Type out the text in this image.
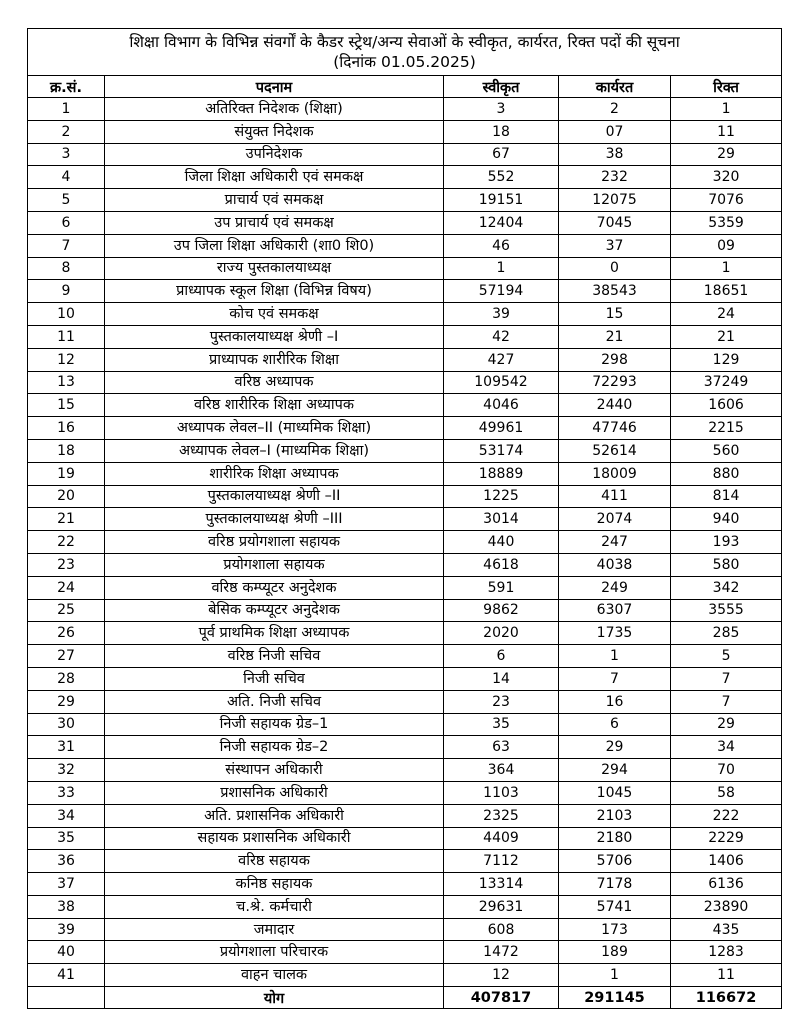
शिक्षा विभाग के विभिन्न संवर्गों के कैडर स्ट्रेथ/अन्य सेवाओं के स्वीकृत, कार्यरत, रिक्त पदों की सूचना
(दिनांक 01.05.2025)				

क्र.सं.	पदनाम	स्वीकृत	कार्यरत	रिक्त
1	अतिरिक्त निदेशक (शिक्षा)	3	2	1
2	संयुक्त निदेशक	18	07	11
3	उपनिदेशक	67	38	29
4	जिला शिक्षा अधिकारी एवं समकक्ष	552	232	320
5	प्राचार्य एवं समकक्ष	19151	12075	7076
6	उप प्राचार्य एवं समकक्ष	12404	7045	5359
7	उप जिला शिक्षा अधिकारी (शा0 शि0)	46	37	09
8	राज्य पुस्तकालयाध्यक्ष	1	0	1
9	प्राध्यापक स्कूल शिक्षा (विभिन्न विषय)	57194	38543	18651
10	कोच एवं समकक्ष	39	15	24
11	पुस्तकालयाध्यक्ष श्रेणी –I	42	21	21
12	प्राध्यापक शारीरिक शिक्षा	427	298	129
13	वरिष्ठ अध्यापक	109542	72293	37249
15	वरिष्ठ शारीरिक शिक्षा अध्यापक	4046	2440	1606
16	अध्यापक लेवल–II (माध्यमिक शिक्षा)	49961	47746	2215
18	अध्यापक लेवल–I (माध्यमिक शिक्षा)	53174	52614	560
19	शारीरिक शिक्षा अध्यापक	18889	18009	880
20	पुस्तकालयाध्यक्ष श्रेणी –II	1225	411	814
21	पुस्तकालयाध्यक्ष श्रेणी –III	3014	2074	940
22	वरिष्ठ प्रयोगशाला सहायक	440	247	193
23	प्रयोगशाला सहायक	4618	4038	580
24	वरिष्ठ कम्प्यूटर अनुदेशक	591	249	342
25	बेसिक कम्प्यूटर अनुदेशक	9862	6307	3555
26	पूर्व प्राथमिक शिक्षा अध्यापक	2020	1735	285
27	वरिष्ठ निजी सचिव	6	1	5
28	निजी सचिव	14	7	7
29	अति. निजी सचिव	23	16	7
30	निजी सहायक ग्रेड–1	35	6	29
31	निजी सहायक ग्रेड–2	63	29	34
32	संस्थापन अधिकारी	364	294	70
33	प्रशासनिक अधिकारी	1103	1045	58
34	अति. प्रशासनिक अधिकारी	2325	2103	222
35	सहायक प्रशासनिक अधिकारी	4409	2180	2229
36	वरिष्ठ सहायक	7112	5706	1406
37	कनिष्ठ सहायक	13314	7178	6136
38	च.श्रे. कर्मचारी	29631	5741	23890
39	जमादार	608	173	435
40	प्रयोगशाला परिचारक	1472	189	1283
41	वाहन चालक	12	1	11
	योग	407817	291145	116672
